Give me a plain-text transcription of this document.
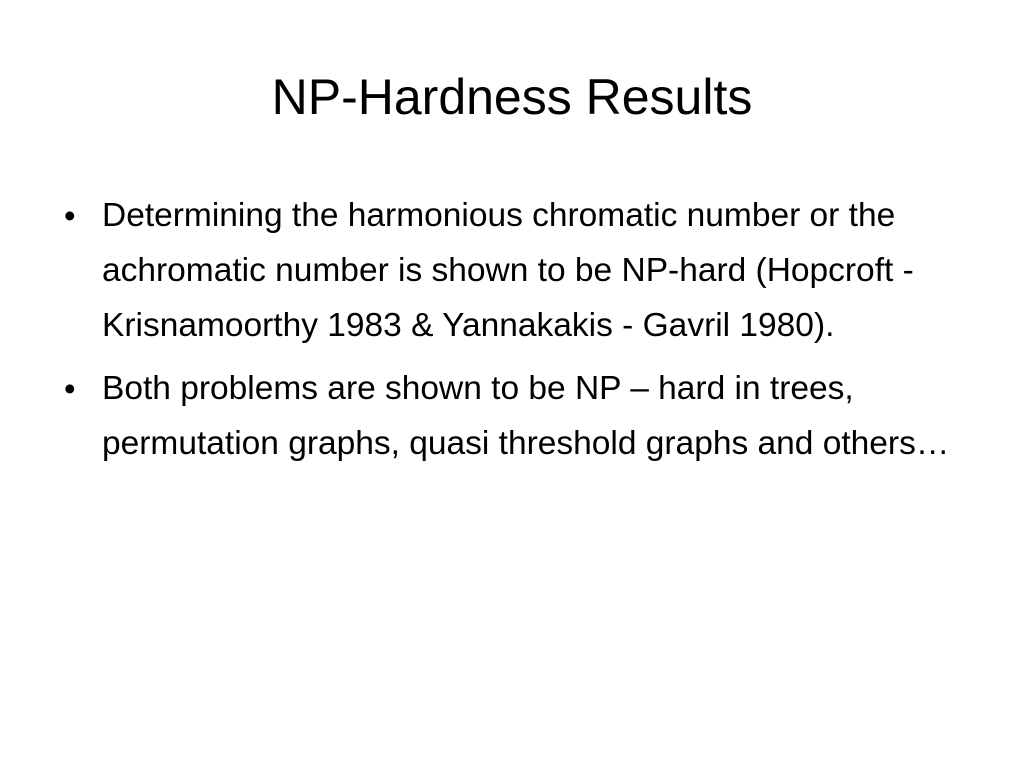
NP-Hardness Results
• Determining the harmonious chromatic number or the achromatic number is shown to be NP-hard (Hopcroft - Krisnamoorthy 1983 & Yannakakis - Gavril 1980).
• Both problems are shown to be NP – hard in trees, permutation graphs, quasi threshold graphs and others…
